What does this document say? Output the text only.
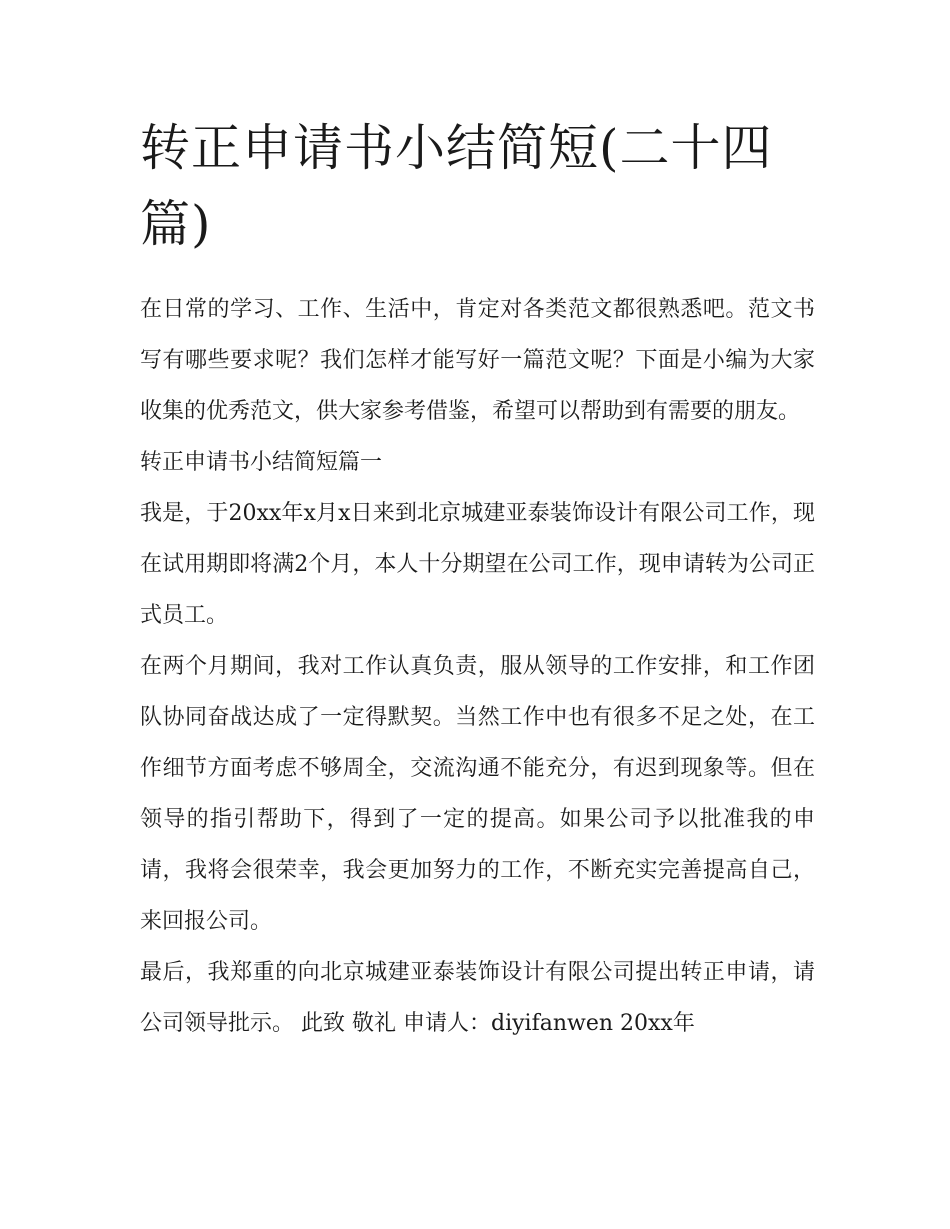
转正申请书小结简短(二十四篇)

在日常的学习、工作、生活中，肯定对各类范文都很熟悉吧。范文书写有哪些要求呢？我们怎样才能写好一篇范文呢？下面是小编为大家收集的优秀范文，供大家参考借鉴，希望可以帮助到有需要的朋友。

转正申请书小结简短篇一

我是，于20xx年x月x日来到北京城建亚泰装饰设计有限公司工作，现在试用期即将满2个月，本人十分期望在公司工作，现申请转为公司正式员工。

在两个月期间，我对工作认真负责，服从领导的工作安排，和工作团队协同奋战达成了一定得默契。当然工作中也有很多不足之处，在工作细节方面考虑不够周全，交流沟通不能充分，有迟到现象等。但在领导的指引帮助下，得到了一定的提高。如果公司予以批准我的申请，我将会很荣幸，我会更加努力的工作，不断充实完善提高自己，来回报公司。

最后，我郑重的向北京城建亚泰装饰设计有限公司提出转正申请，请公司领导批示。 此致 敬礼 申请人：diyifanwen 20xx年
